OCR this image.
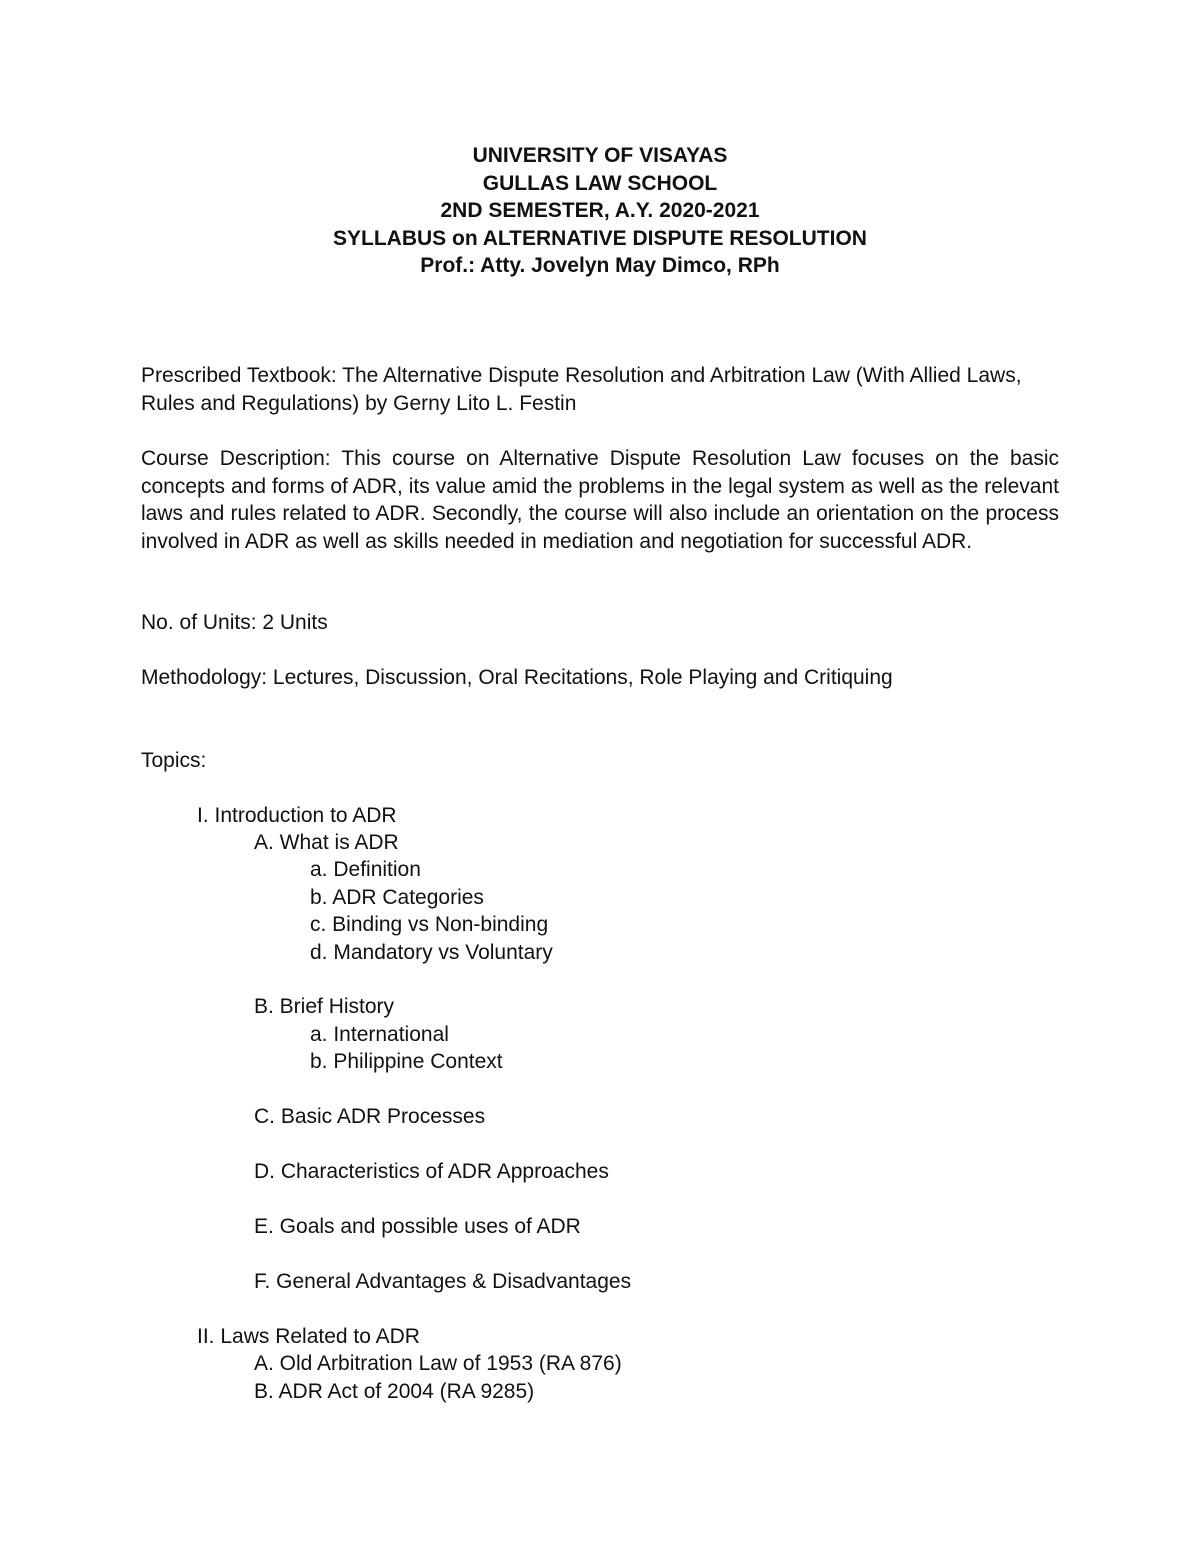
UNIVERSITY OF VISAYAS
GULLAS LAW SCHOOL
2ND SEMESTER, A.Y. 2020-2021
SYLLABUS on ALTERNATIVE DISPUTE RESOLUTION
Prof.: Atty. Jovelyn May Dimco, RPh

Prescribed Textbook: The Alternative Dispute Resolution and Arbitration Law (With Allied Laws, Rules and Regulations) by Gerny Lito L. Festin

Course Description: This course on Alternative Dispute Resolution Law focuses on the basic concepts and forms of ADR, its value amid the problems in the legal system as well as the relevant laws and rules related to ADR. Secondly, the course will also include an orientation on the process involved in ADR as well as skills needed in mediation and negotiation for successful ADR.

No. of Units: 2 Units

Methodology: Lectures, Discussion, Oral Recitations, Role Playing and Critiquing

Topics:

I. Introduction to ADR
A. What is ADR
a. Definition
b. ADR Categories
c. Binding vs Non-binding
d. Mandatory vs Voluntary
B. Brief History
a. International
b. Philippine Context
C. Basic ADR Processes
D. Characteristics of ADR Approaches
E. Goals and possible uses of ADR
F. General Advantages & Disadvantages
II. Laws Related to ADR
A. Old Arbitration Law of 1953 (RA 876)
B. ADR Act of 2004 (RA 9285)
